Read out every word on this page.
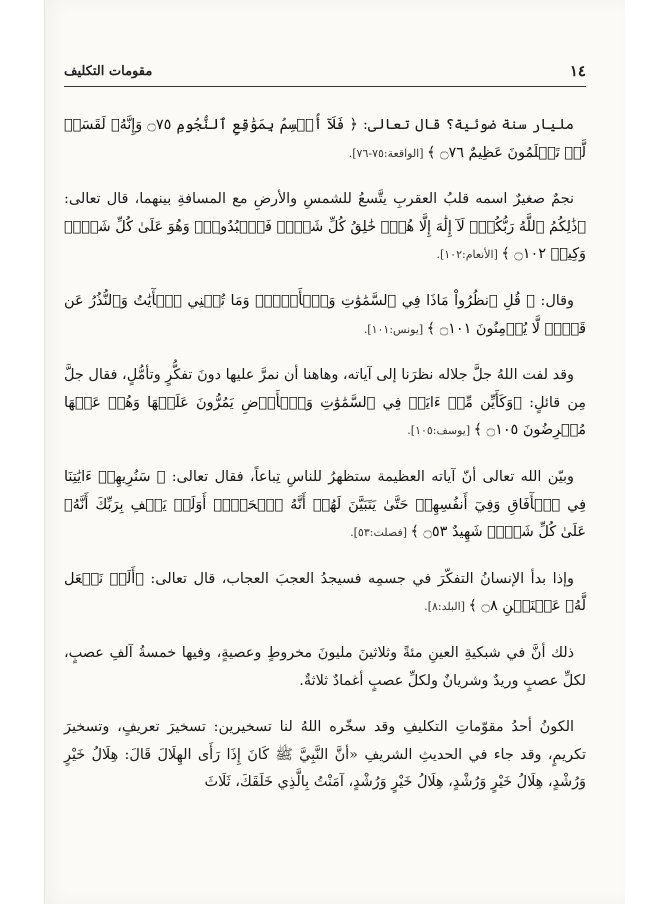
١٤
مقومات التكليف

مليار سنة ضوئية؟ قال تعالى: ﴿ فَلَآ أُقۡسِمُ بِمَوَٰقِعِ ٱلنُّجُومِ ۝٧٥ وَإِنَّهُۥ لَقَسَمٞ لَّوۡ تَعۡلَمُونَ عَظِيمٌ ۝٧٦ ﴾ [الواقعة:٧٥-٧٦].

نجمٌ صغيرٌ اسمه قلبُ العقربِ يتَّسعُ للشمسِ والأرضِ مع المسافةِ بينهما، قال تعالى: ﴿ذَٰلِكُمُ ٱللَّهُ رَبُّكُمۡۖ لَآ إِلَٰهَ إِلَّا هُوَۖ خَٰلِقُ كُلِّ شَيۡءٖ فَٱعۡبُدُوهُۚ وَهُوَ عَلَىٰ كُلِّ شَيۡءٖ وَكِيلٞ ۝١٠٢ ﴾ [الأنعام:١٠٢].

وقال: ﴿ قُلِ ٱنظُرُواْ مَاذَا فِي ٱلسَّمَٰوَٰتِ وَٱلۡأَرۡضِۚ وَمَا تُغۡنِي ٱلۡأٓيَٰتُ وَٱلنُّذُرُ عَن قَوۡمٖ لَّا يُؤۡمِنُونَ ۝١٠١ ﴾ [يونس:١٠١].

وقد لفت اللهُ جلَّ جلاله نظرَنا إلى آياته، وهاهنا أن نمرَّ عليها دونَ تفكُّرٍ وتأمُّلٍ، فقال جلَّ مِن قائلٍ: ﴿وَكَأَيِّن مِّنۡ ءَايَةٖ فِي ٱلسَّمَٰوَٰتِ وَٱلۡأَرۡضِ يَمُرُّونَ عَلَيۡهَا وَهُمۡ عَنۡهَا مُعۡرِضُونَ ۝١٠٥ ﴾ [يوسف:١٠٥].

وبيّن الله تعالى أنّ آياته العظيمة ستظهرُ للناسِ تِباعاً، فقال تعالى: ﴿ سَنُرِيهِمۡ ءَايَٰتِنَا فِي ٱلۡأٓفَاقِ وَفِيٓ أَنفُسِهِمۡ حَتَّىٰ يَتَبَيَّنَ لَهُمۡ أَنَّهُ ٱلۡحَقُّۗ أَوَلَمۡ يَكۡفِ بِرَبِّكَ أَنَّهُۥ عَلَىٰ كُلِّ شَيۡءٖ شَهِيدٌ ۝٥٣ ﴾ [فصلت:٥٣].

وإذا بدأ الإنسانُ التفكّرَ في جسمِه فسيجدُ العجبَ العجاب، قال تعالى: ﴿أَلَمۡ نَجۡعَل لَّهُۥ عَيۡنَيۡنِ ۝٨ ﴾ [البلد:٨].

ذلك أنَّ في شبكيةِ العينِ مئةً وثلاثينَ مليونَ مخروطٍ وعصيةٍ، وفيها خمسةُ آلفِ عصبٍ، لكلِّ عصبٍ وريدٌ وشريانٌ ولكلِّ عصبٍ أغمادٌ ثلاثةٌ.

الكونُ أحدُ مقوّماتِ التكليفِ وقد سخّره اللهُ لنا تسخيرين: تسخيرَ تعريفٍ، وتسخيرَ تكريمٍ، وقد جاء في الحديثِ الشريفِ «أنَّ النَّبِيَّ ﷺ كَانَ إِذَا رَأَى الهِلَالَ قَالَ: هِلَالُ خَيْرٍ وَرُشْدٍ، هِلَالُ خَيْرٍ وَرُشْدٍ، هِلَالُ خَيْرٍ وَرُشْدٍ، آمَنْتُ بِالَّذِي خَلَقَكَ، ثَلَاثَ
